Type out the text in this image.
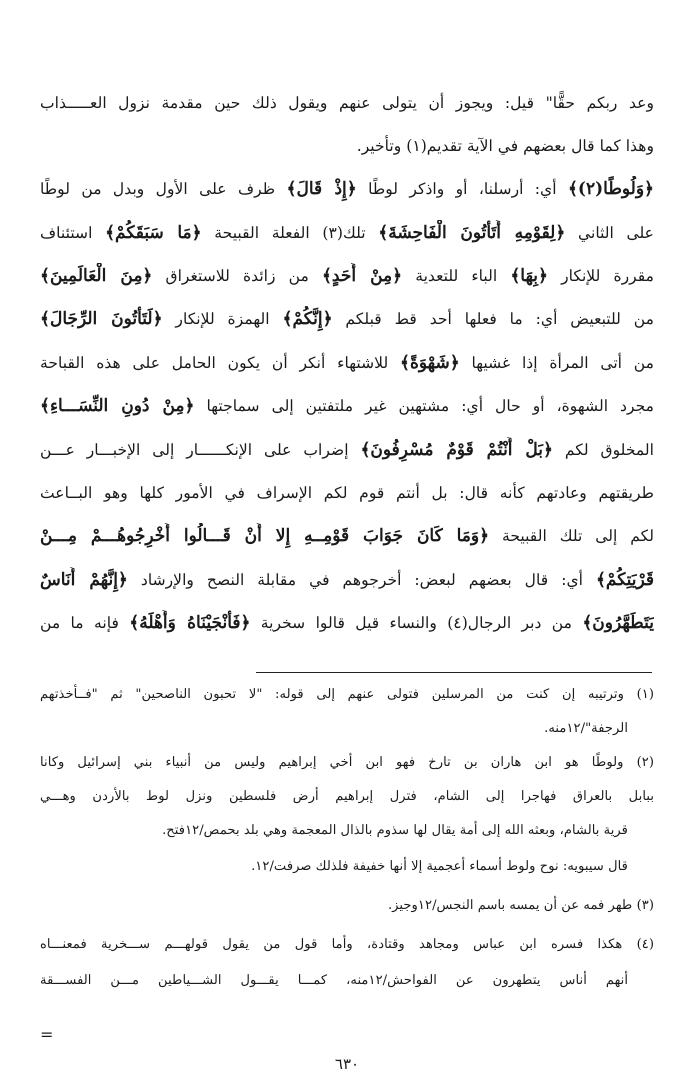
وعد ربكم حقًّا" قيل: ويجوز أن يتولى عنهم ويقول ذلك حين مقدمة نزول العـــــذاب
وهذا كما قال بعضهم في الآية تقديم(١) وتأخير.
﴿وَلُوطًا(٢)﴾ أي: أرسلنا، أو واذكر لوطًا ﴿إِذْ قَالَ﴾ ظرف على الأول وبدل من لوطًا
على الثاني ﴿لِقَوْمِهِ أَتَأْتُونَ الْفَاحِشَةَ﴾ تلك(٣) الفعلة القبيحة ﴿مَا سَبَقَكُمْ﴾ استئناف
مقررة للإنكار ﴿بِهَا﴾ الباء للتعدية ﴿مِنْ أَحَدٍ﴾ من زائدة للاستغراق ﴿مِنَ الْعَالَمِينَ﴾
من للتبعيض أي: ما فعلها أحد قط قبلكم ﴿إِنَّكُمْ﴾ الهمزة للإنكار ﴿لَتَأْتُونَ الرِّجَالَ﴾
من أتى المرأة إذا غشيها ﴿شَهْوَةً﴾ للاشتهاء أنكر أن يكون الحامل على هذه القباحة
مجرد الشهوة، أو حال أي: مشتهين غير ملتفتين إلى سماجتها ﴿مِنْ دُونِ النِّسَـــاءِ﴾
المخلوق لكم ﴿بَلْ أَنْتُمْ قَوْمٌ مُسْرِفُونَ﴾ إضراب على الإنكــــــار إلى الإخبـــار عـــن
طريقتهم وعادتهم كأنه قال: بل أنتم قوم لكم الإسراف في الأمور كلها وهو البــاعث
لكم إلى تلك القبيحة ﴿وَمَا كَانَ جَوَابَ قَوْمِــهِ إِلا أَنْ قَـــالُوا أَخْرِجُوهُـــمْ مِـــنْ
قَرْيَتِكُمْ﴾ أي: قال بعضهم لبعض: أخرجوهم في مقابلة النصح والإرشاد ﴿إِنَّهُمْ أُنَاسٌ
يَتَطَهَّرُونَ﴾ من دبر الرجال(٤) والنساء قيل قالوا سخرية ﴿فَأَنْجَيْنَاهُ وَأَهْلَهُ﴾ فإنه ما من
(١) وترتيبه إن كنت من المرسلين فتولى عنهم إلى قوله: "لا تحبون الناصحين" ثم "فــأخذتهم
الرجفة"/١٢منه.
(٢) ولوطًا هو ابن هاران بن تارخ فهو ابن أخي إبراهيم وليس من أنبياء بني إسرائيل وكانا
ببابل بالعراق فهاجرا إلى الشام، فترل إبراهيم أرض فلسطين ونزل لوط بالأردن وهـــي
قرية بالشام، وبعثه الله إلى أمة يقال لها سذوم بالذال المعجمة وهي بلد بحمص/١٢فتح.
قال سيبويه: نوح ولوط أسماء أعجمية إلا أنها خفيفة فلذلك صرفت/١٢.
(٣) طهر فمه عن أن يمسه باسم النجس/١٢وجيز.
(٤) هكذا فسره ابن عباس ومجاهد وقتادة، وأما قول من يقول قولهـــم ســـخرية فمعنـــاه
أنهم أناس يتطهرون عن الفواحش/١٢منه، كمـــا يقـــول الشـــياطين مـــن الفســـقة
=
٦٣٠
